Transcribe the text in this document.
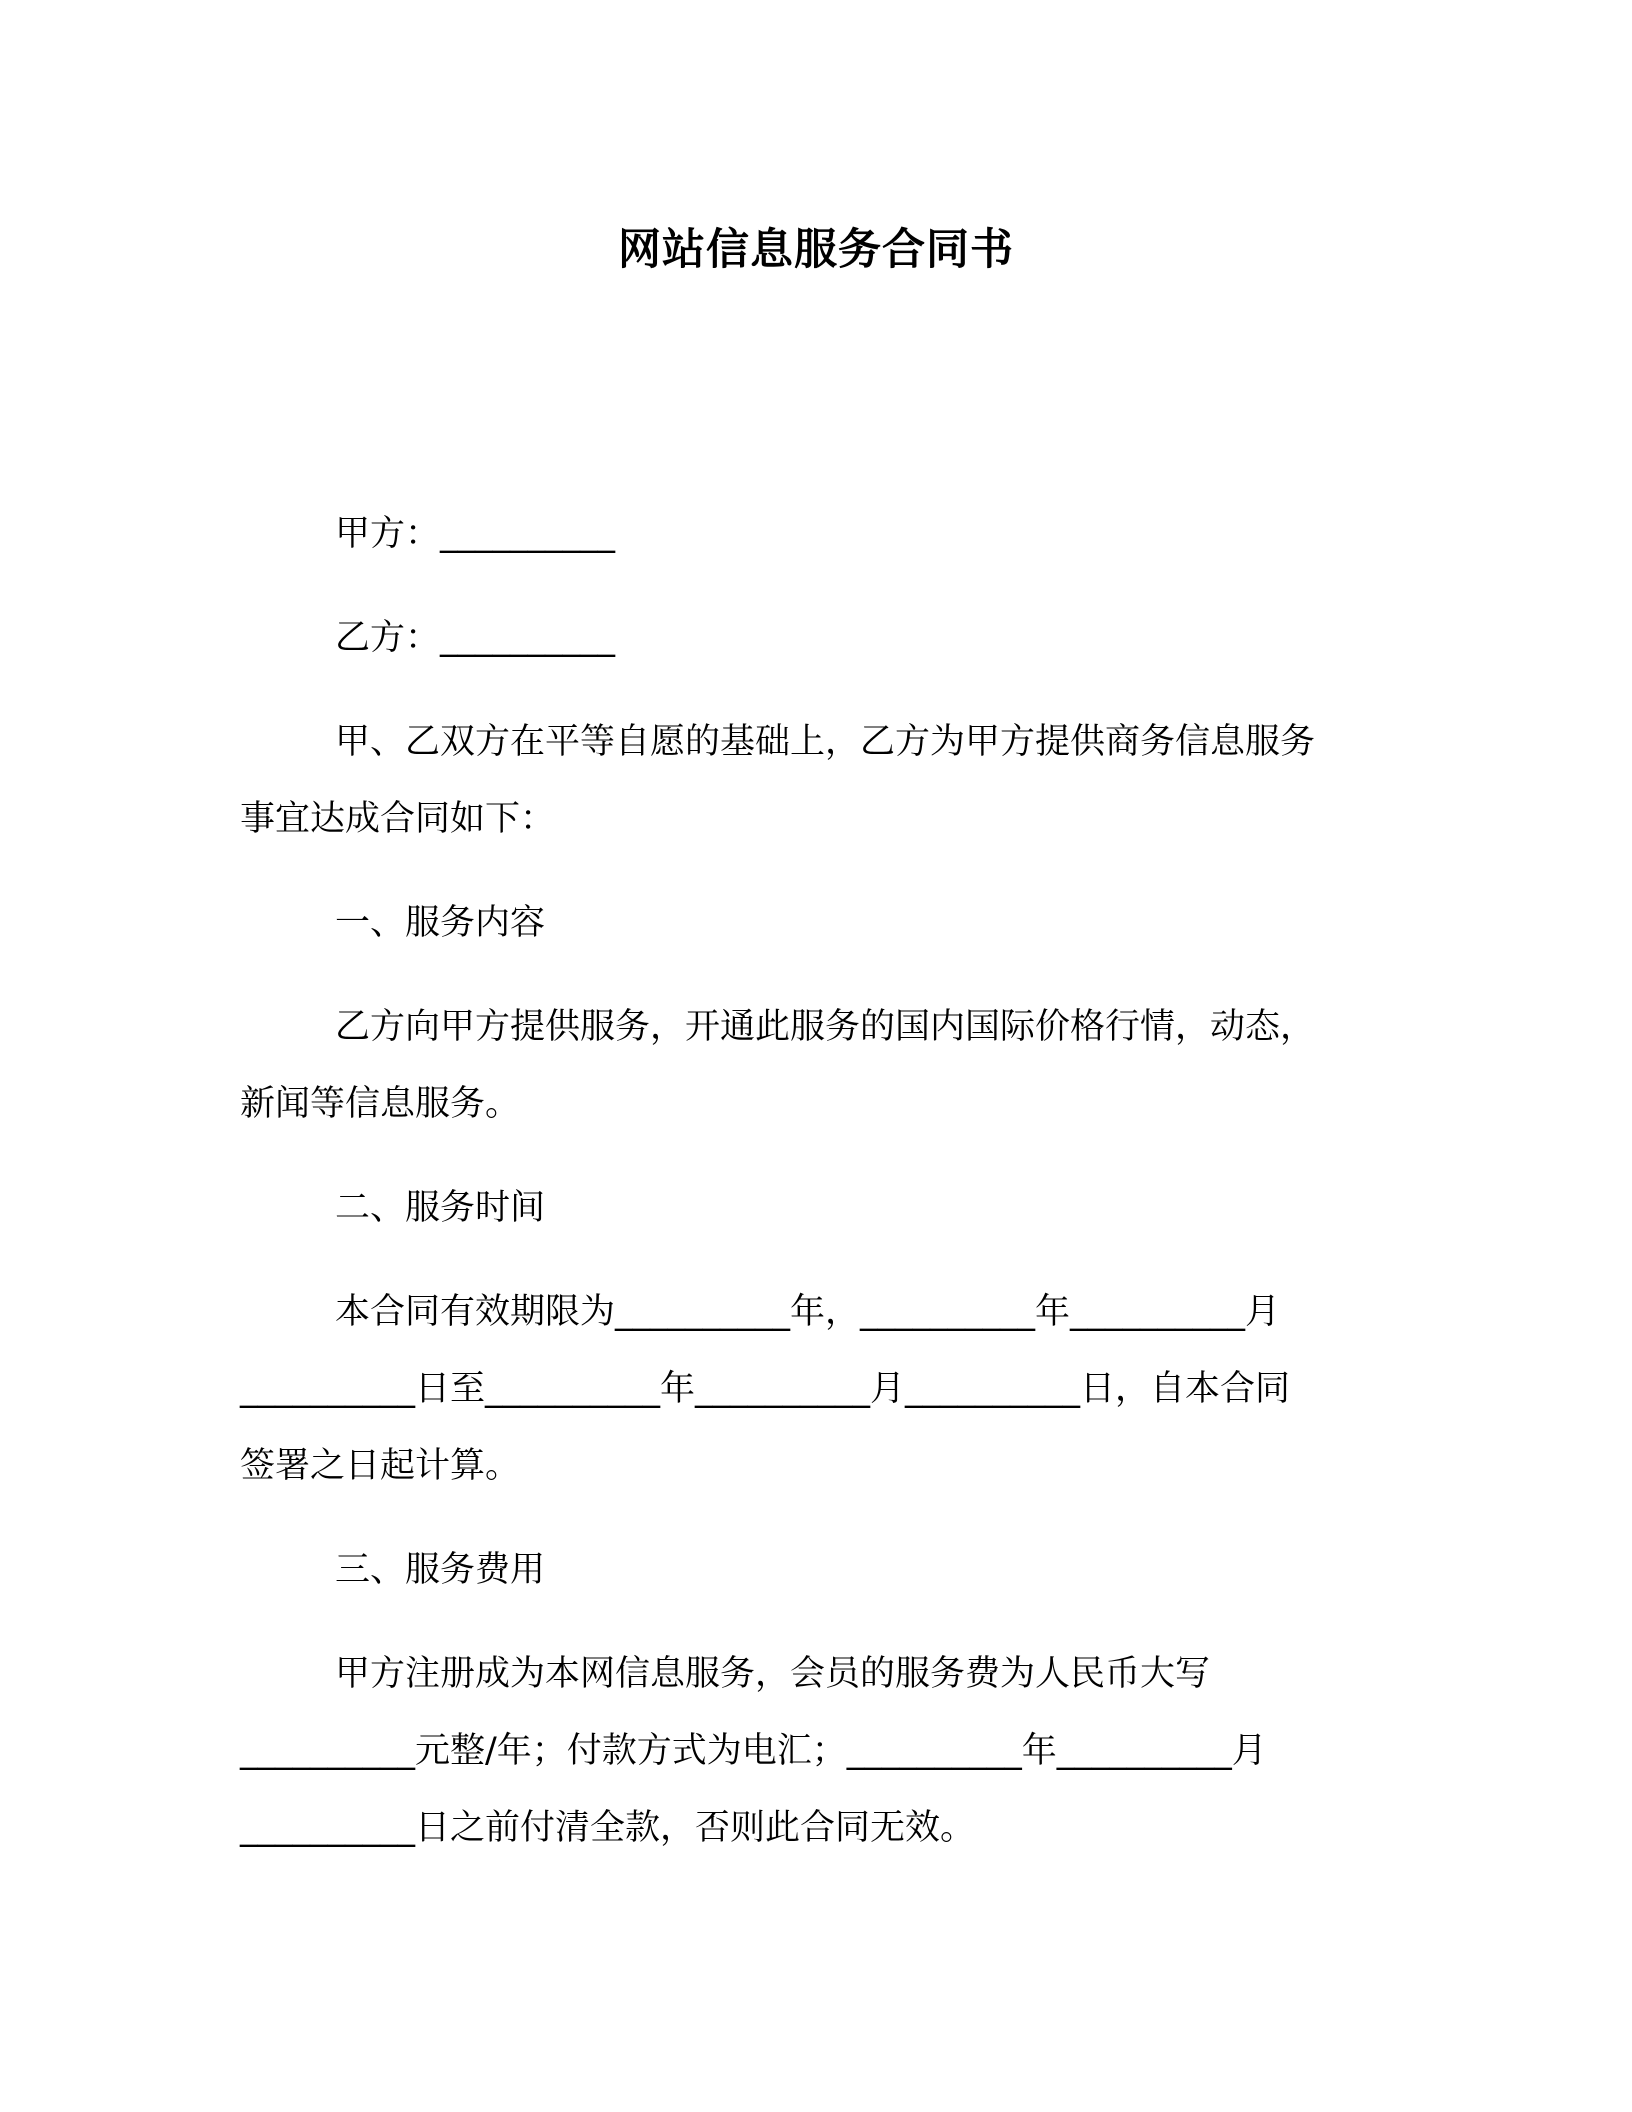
网站信息服务合同书
甲方：__________
乙方：__________
甲、乙双方在平等自愿的基础上，乙方为甲方提供商务信息服务
事宜达成合同如下：
一、服务内容
乙方向甲方提供服务，开通此服务的国内国际价格行情，动态，
新闻等信息服务。
二、服务时间
本合同有效期限为__________年，__________年__________月
__________日至__________年__________月__________日，自本合同
签署之日起计算。
三、服务费用
甲方注册成为本网信息服务，会员的服务费为人民币大写
__________元整/年；付款方式为电汇；__________年__________月
__________日之前付清全款，否则此合同无效。
